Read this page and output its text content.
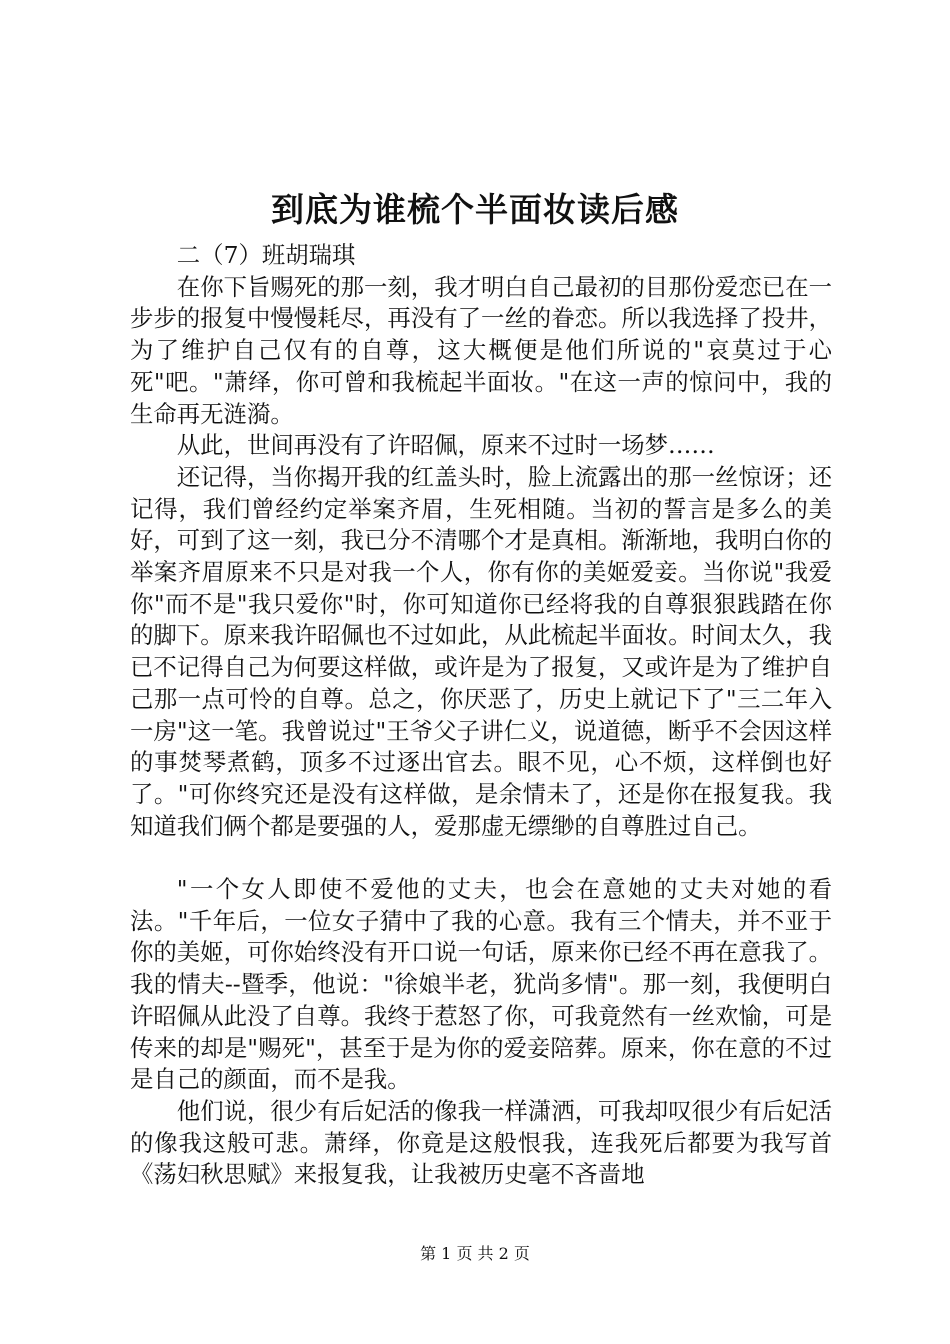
到底为谁梳个半面妆读后感

二（7）班胡瑞琪

在你下旨赐死的那一刻，我才明白自己最初的目那份爱恋已在一步步的报复中慢慢耗尽，再没有了一丝的眷恋。所以我选择了投井，为了维护自己仅有的自尊，这大概便是他们所说的"哀莫过于心死"吧。"萧绎，你可曾和我梳起半面妆。"在这一声的惊问中，我的生命再无涟漪。

从此，世间再没有了许昭佩，原来不过时一场梦……

还记得，当你揭开我的红盖头时，脸上流露出的那一丝惊讶；还记得，我们曾经约定举案齐眉，生死相随。当初的誓言是多么的美好，可到了这一刻，我已分不清哪个才是真相。渐渐地，我明白你的举案齐眉原来不只是对我一个人，你有你的美姬爱妾。当你说"我爱你"而不是"我只爱你"时，你可知道你已经将我的自尊狠狠践踏在你的脚下。原来我许昭佩也不过如此，从此梳起半面妆。时间太久，我已不记得自己为何要这样做，或许是为了报复，又或许是为了维护自己那一点可怜的自尊。总之，你厌恶了，历史上就记下了"三二年入一房"这一笔。我曾说过"王爷父子讲仁义，说道德，断乎不会因这样的事焚琴煮鹤，顶多不过逐出官去。眼不见，心不烦，这样倒也好了。"可你终究还是没有这样做，是余情未了，还是你在报复我。我知道我们俩个都是要强的人，爱那虚无缥缈的自尊胜过自己。

"一个女人即使不爱他的丈夫，也会在意她的丈夫对她的看法。"千年后，一位女子猜中了我的心意。我有三个情夫，并不亚于你的美姬，可你始终没有开口说一句话，原来你已经不再在意我了。我的情夫--暨季，他说："徐娘半老，犹尚多情"。那一刻，我便明白许昭佩从此没了自尊。我终于惹怒了你，可我竟然有一丝欢愉，可是传来的却是"赐死"，甚至于是为你的爱妾陪葬。原来，你在意的不过是自己的颜面，而不是我。

他们说，很少有后妃活的像我一样潇洒，可我却叹很少有后妃活的像我这般可悲。萧绎，你竟是这般恨我，连我死后都要为我写首《荡妇秋思赋》来报复我，让我被历史毫不吝啬地

第 1 页 共 2 页
